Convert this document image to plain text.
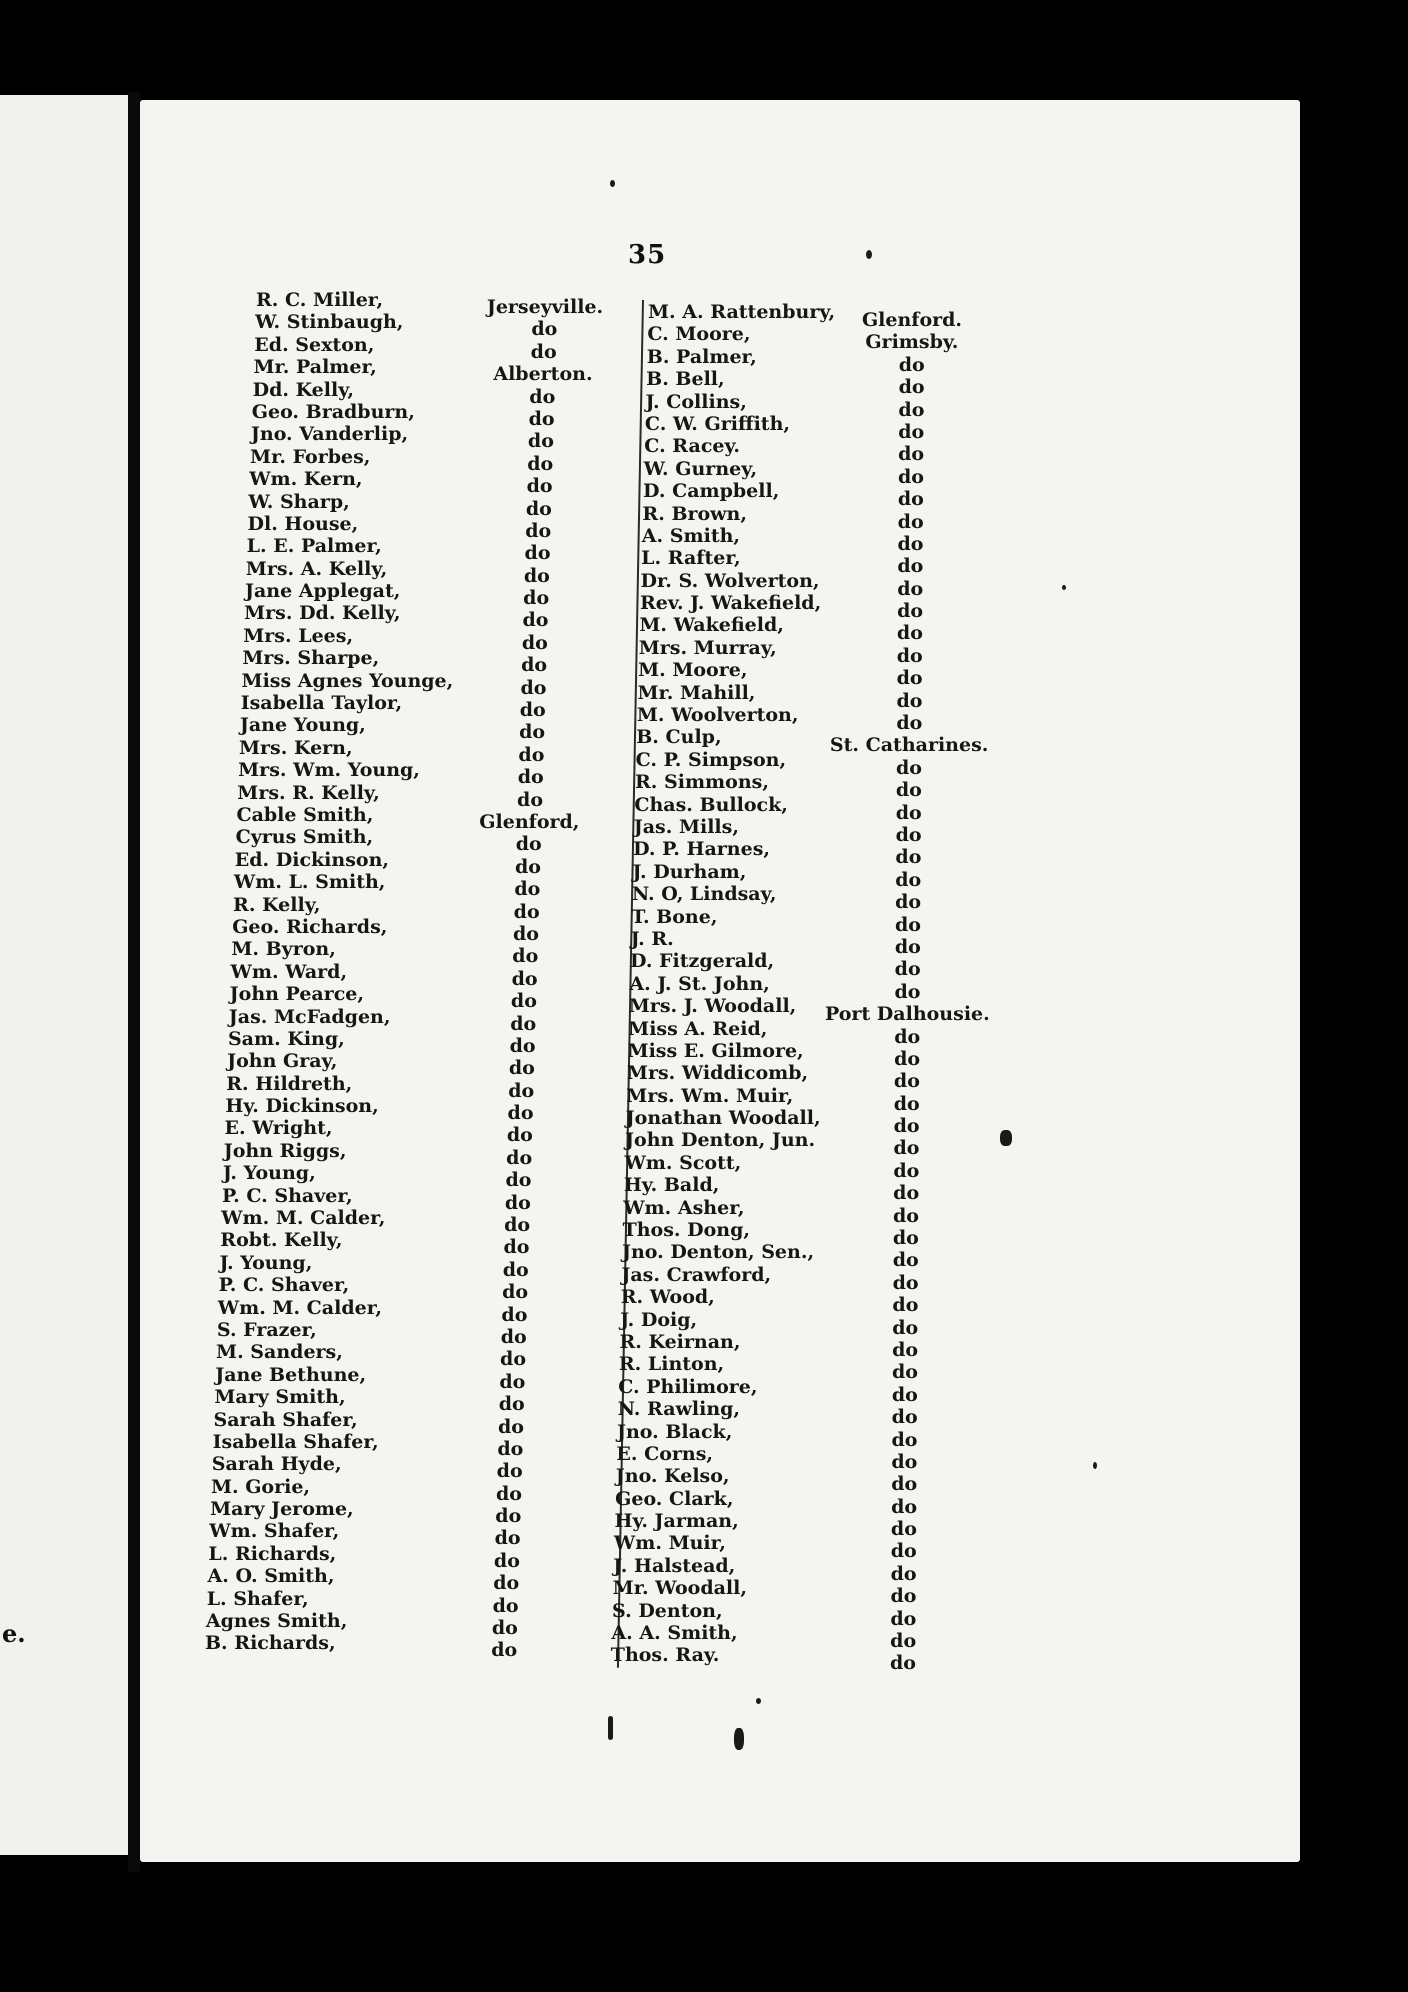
e.
35
R. C. Miller,
W. Stinbaugh,
Ed. Sexton,
Mr. Palmer,
Dd. Kelly,
Geo. Bradburn,
Jno. Vanderlip,
Mr. Forbes,
Wm. Kern,
W. Sharp,
Dl. House,
L. E. Palmer,
Mrs. A. Kelly,
Jane Applegat,
Mrs. Dd. Kelly,
Mrs. Lees,
Mrs. Sharpe,
Miss Agnes Younge,
Isabella Taylor,
Jane Young,
Mrs. Kern,
Mrs. Wm. Young,
Mrs. R. Kelly,
Cable Smith,
Cyrus Smith,
Ed. Dickinson,
Wm. L. Smith,
R. Kelly,
Geo. Richards,
M. Byron,
Wm. Ward,
John Pearce,
Jas. McFadgen,
Sam. King,
John Gray,
R. Hildreth,
Hy. Dickinson,
E. Wright,
John Riggs,
J. Young,
P. C. Shaver,
Wm. M. Calder,
Robt. Kelly,
J. Young,
P. C. Shaver,
Wm. M. Calder,
S. Frazer,
M. Sanders,
Jane Bethune,
Mary Smith,
Sarah Shafer,
Isabella Shafer,
Sarah Hyde,
M. Gorie,
Mary Jerome,
Wm. Shafer,
L. Richards,
A. O. Smith,
L. Shafer,
Agnes Smith,
B. Richards,
Jerseyville.
do
do
Alberton.
do
do
do
do
do
do
do
do
do
do
do
do
do
do
do
do
do
do
do
Glenford,
do
do
do
do
do
do
do
do
do
do
do
do
do
do
do
do
do
do
do
do
do
do
do
do
do
do
do
do
do
do
do
do
do
do
do
do
do
M. A. Rattenbury,
C. Moore,
B. Palmer,
B. Bell,
J. Collins,
C. W. Griffith,
C. Racey.
W. Gurney,
D. Campbell,
R. Brown,
A. Smith,
L. Rafter,
Dr. S. Wolverton,
Rev. J. Wakefield,
M. Wakefield,
Mrs. Murray,
M. Moore,
Mr. Mahill,
M. Woolverton,
B. Culp,
C. P. Simpson,
R. Simmons,
Chas. Bullock,
Jas. Mills,
D. P. Harnes,
J. Durham,
N. O, Lindsay,
T. Bone,
J. R.
D. Fitzgerald,
A. J. St. John,
Mrs. J. Woodall,
Miss A. Reid,
Miss E. Gilmore,
Mrs. Widdicomb,
Mrs. Wm. Muir,
Jonathan Woodall,
John Denton, Jun.
Wm. Scott,
Hy. Bald,
Wm. Asher,
Thos. Dong,
Jno. Denton, Sen.,
Jas. Crawford,
R. Wood,
J. Doig,
R. Keirnan,
R. Linton,
C. Philimore,
N. Rawling,
Jno. Black,
E. Corns,
Jno. Kelso,
Geo. Clark,
Hy. Jarman,
Wm. Muir,
J. Halstead,
Mr. Woodall,
S. Denton,
A. A. Smith,
Thos. Ray.
Glenford.
Grimsby.
do
do
do
do
do
do
do
do
do
do
do
do
do
do
do
do
do
St. Catharines.
do
do
do
do
do
do
do
do
do
do
do
Port Dalhousie.
do
do
do
do
do
do
do
do
do
do
do
do
do
do
do
do
do
do
do
do
do
do
do
do
do
do
do
do
do
